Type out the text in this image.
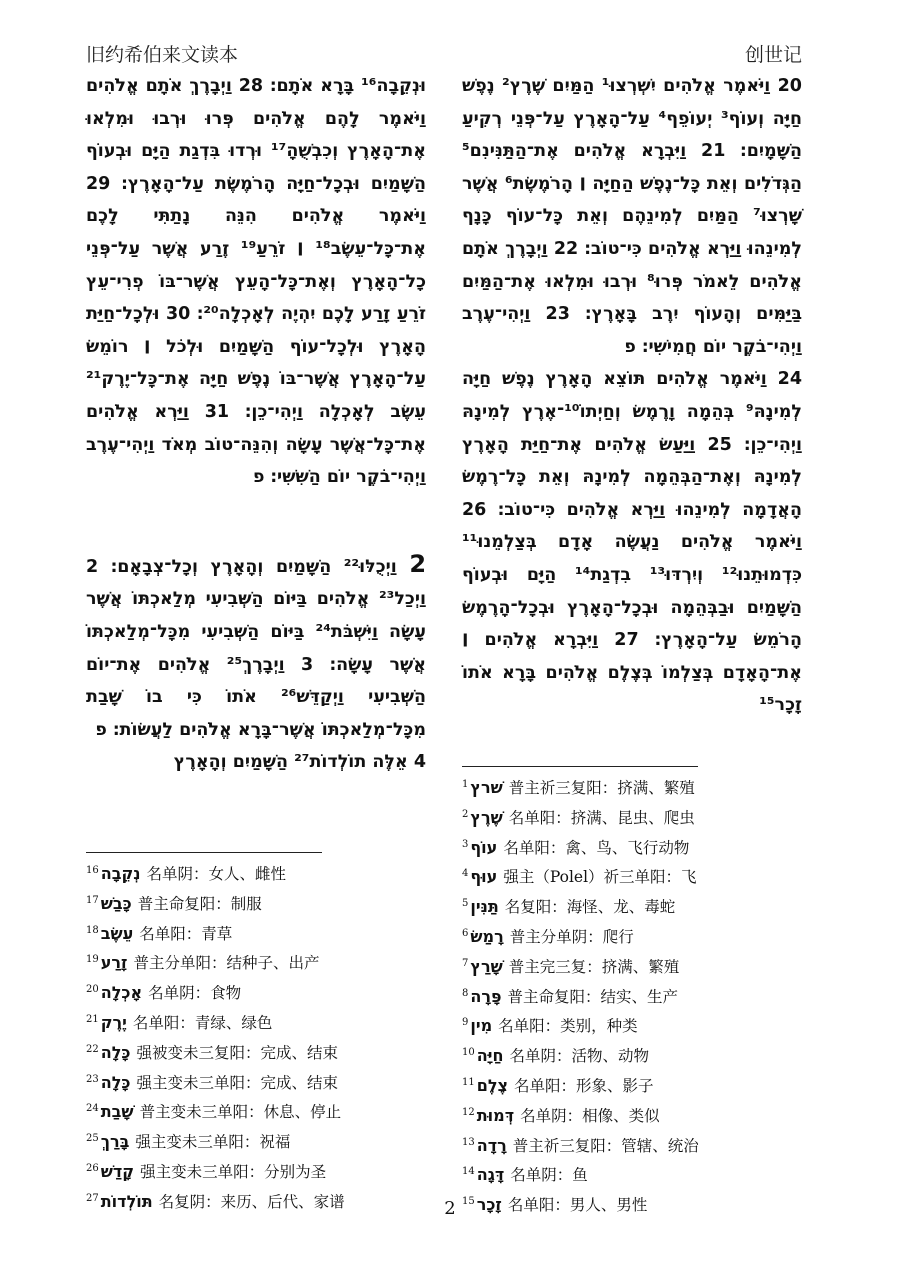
旧约希伯来文读本	创世记

20 וַיֹּאמֶר אֱלֹהִים יִשְׁרְצוּ¹ הַמַּיִם שֶׁרֶץ² נֶפֶשׁ חַיָּה וְעוֹף³ יְעוֹפֵף⁴ עַל־הָאָרֶץ עַל־פְּנֵי רְקִיעַ הַשָּׁמָיִם׃ 21 וַיִּבְרָא אֱלֹהִים אֶת־הַתַּנִּינִם⁵ הַגְּדֹלִים וְאֵת כָּל־נֶפֶשׁ הַחַיָּה ׀ הָרֹמֶשֶׂת⁶ אֲשֶׁר שָׁרְצוּ⁷ הַמַּיִם לְמִינֵהֶם וְאֵת כָּל־עוֹף כָּנָף לְמִינֵהוּ וַיַּרְא אֱלֹהִים כִּי־טוֹב׃ 22 וַיְבָרֶךְ אֹתָם אֱלֹהִים לֵאמֹר פְּרוּ⁸ וּרְבוּ וּמִלְאוּ אֶת־הַמַּיִם בַּיַּמִּים וְהָעוֹף יִרֶב בָּאָרֶץ׃ 23 וַיְהִי־עֶרֶב וַיְהִי־בֹקֶר יוֹם חֲמִישִׁי׃ פ

24 וַיֹּאמֶר אֱלֹהִים תּוֹצֵא הָאָרֶץ נֶפֶשׁ חַיָּה לְמִינָהּ⁹ בְּהֵמָה וָרֶמֶשׂ וְחַיְתוֹ¹⁰־אֶרֶץ לְמִינָהּ וַיְהִי־כֵן׃ 25 וַיַּעַשׂ אֱלֹהִים אֶת־חַיַּת הָאָרֶץ לְמִינָהּ וְאֶת־הַבְּהֵמָה לְמִינָהּ וְאֵת כָּל־רֶמֶשׂ הָאֲדָמָה לְמִינֵהוּ וַיַּרְא אֱלֹהִים כִּי־טוֹב׃ 26 וַיֹּאמֶר אֱלֹהִים נַעֲשֶׂה אָדָם בְּצַלְמֵנוּ¹¹ כִּדְמוּתֵנוּ¹² וְיִרְדּוּ¹³ בִדְגַת¹⁴ הַיָּם וּבְעוֹף הַשָּׁמַיִם וּבַבְּהֵמָה וּבְכָל־הָאָרֶץ וּבְכָל־הָרֶמֶשׂ הָרֹמֵשׂ עַל־הָאָרֶץ׃ 27 וַיִּבְרָא אֱלֹהִים ׀ אֶת־הָאָדָם בְּצַלְמוֹ בְּצֶלֶם אֱלֹהִים בָּרָא אֹתוֹ זָכָר¹⁵

וּנְקֵבָה¹⁶ בָּרָא אֹתָם׃ 28 וַיְבָרֶךְ אֹתָם אֱלֹהִים וַיֹּאמֶר לָהֶם אֱלֹהִים פְּרוּ וּרְבוּ וּמִלְאוּ אֶת־הָאָרֶץ וְכִבְשֻׁהָ¹⁷ וּרְדוּ בִּדְגַת הַיָּם וּבְעוֹף הַשָּׁמַיִם וּבְכָל־חַיָּה הָרֹמֶשֶׂת עַל־הָאָרֶץ׃ 29 וַיֹּאמֶר אֱלֹהִים הִנֵּה נָתַתִּי לָכֶם אֶת־כָּל־עֵשֶׂב¹⁸ ׀ זֹרֵעַ¹⁹ זֶרַע אֲשֶׁר עַל־פְּנֵי כָל־הָאָרֶץ וְאֶת־כָּל־הָעֵץ אֲשֶׁר־בּוֹ פְרִי־עֵץ זֹרֵעַ זָרַע לָכֶם יִהְיֶה לְאָכְלָה²⁰׃ 30 וּלְכָל־חַיַּת הָאָרֶץ וּלְכָל־עוֹף הַשָּׁמַיִם וּלְכֹל ׀ רוֹמֵשׂ עַל־הָאָרֶץ אֲשֶׁר־בּוֹ נֶפֶשׁ חַיָּה אֶת־כָּל־יֶרֶק²¹ עֵשֶׂב לְאָכְלָה וַיְהִי־כֵן׃ 31 וַיַּרְא אֱלֹהִים אֶת־כָּל־אֲשֶׁר עָשָׂה וְהִנֵּה־טוֹב מְאֹד וַיְהִי־עֶרֶב וַיְהִי־בֹקֶר יוֹם הַשִּׁשִּׁי׃ פ

2 וַיְכֻלּוּ²² הַשָּׁמַיִם וְהָאָרֶץ וְכָל־צְבָאָם׃ 2 וַיְכַל²³ אֱלֹהִים בַּיּוֹם הַשְּׁבִיעִי מְלַאכְתּוֹ אֲשֶׁר עָשָׂה וַיִּשְׁבֹּת²⁴ בַּיּוֹם הַשְּׁבִיעִי מִכָּל־מְלַאכְתּוֹ אֲשֶׁר עָשָׂה׃ 3 וַיְבָרֶךְ²⁵ אֱלֹהִים אֶת־יוֹם הַשְּׁבִיעִי וַיְקַדֵּשׁ²⁶ אֹתוֹ כִּי בוֹ שָׁבַת מִכָּל־מְלַאכְתּוֹ אֲשֶׁר־בָּרָא אֱלֹהִים לַעֲשׂוֹת׃ פ

4 אֵלֶּה תוֹלְדוֹת²⁷ הַשָּׁמַיִם וְהָאָרֶץ

$^1$ שׁרץ 普主祈三复阳：挤满、繁殖
$^2$ שֶׁרֶץ 名单阳：挤满、昆虫、爬虫
$^3$ עוֹף 名单阳：禽、鸟、飞行动物
$^4$ עוּף 强主（Polel）祈三单阳：飞
$^5$ תַּנִּין 名复阳：海怪、龙、毒蛇
$^6$ רָמַשׂ 普主分单阴：爬行
$^7$ שָׁרַץ 普主完三复：挤满、繁殖
$^8$ פָּרָה 普主命复阳：结实、生产
$^9$ מִין 名单阳：类别，种类
$^{10}$ חַיָּה 名单阴：活物、动物
$^{11}$ צֶלֶם 名单阳：形象、影子
$^{12}$ דְּמוּת 名单阴：相像、类似
$^{13}$ רָדָה 普主祈三复阳：管辖、统治
$^{14}$ דָּגָה 名单阴：鱼
$^{15}$ זָכָר 名单阳：男人、男性
$^{16}$ נְקֵבָה 名单阴：女人、雌性
$^{17}$ כָּבַשׁ 普主命复阳：制服
$^{18}$ עֵשֶׂב 名单阳：青草
$^{19}$ זָרַע 普主分单阳：结种子、出产
$^{20}$ אָכְלָה 名单阴：食物
$^{21}$ יֶרֶק 名单阳：青绿、绿色
$^{22}$ כָּלָה 强被变未三复阳：完成、结束
$^{23}$ כָּלָה 强主变未三单阳：完成、结束
$^{24}$ שָׁבַת 普主变未三单阳：休息、停止
$^{25}$ בָּרַךְ 强主变未三单阳：祝福
$^{26}$ קָדַשׁ 强主变未三单阳：分别为圣
$^{27}$ תּוֹלְדוֹת 名复阴：来历、后代、家谱	2
